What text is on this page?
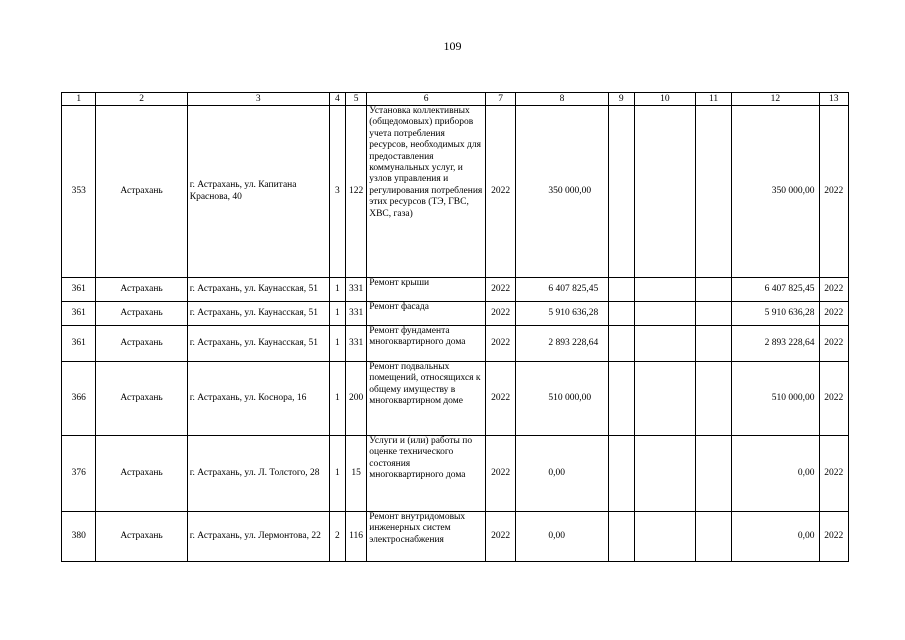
109
1	2	3	4	5	6	7	8	9	10	11	12	13
353	Астрахань	г. Астрахань, ул. Капитана Краснова, 40	3	122	Установка коллективных (общедомовых) приборов учета потребления ресурсов, необходимых для предоставления коммунальных услуг, и узлов управления и регулирования потребления этих ресурсов (ТЭ, ГВС, ХВС, газа)	2022	350 000,00				350 000,00	2022
361	Астрахань	г. Астрахань, ул. Каунасская, 51	1	331	Ремонт крыши	2022	6 407 825,45				6 407 825,45	2022
361	Астрахань	г. Астрахань, ул. Каунасская, 51	1	331	Ремонт фасада	2022	5 910 636,28				5 910 636,28	2022
361	Астрахань	г. Астрахань, ул. Каунасская, 51	1	331	Ремонт фундамента многоквартирного дома	2022	2 893 228,64				2 893 228,64	2022
366	Астрахань	г. Астрахань, ул. Коснора, 16	1	200	Ремонт подвальных помещений, относящихся к общему имуществу в многоквартирном доме	2022	510 000,00				510 000,00	2022
376	Астрахань	г. Астрахань, ул. Л. Толстого, 28	1	15	Услуги и (или) работы по оценке технического состояния многоквартирного дома	2022	0,00				0,00	2022
380	Астрахань	г. Астрахань, ул. Лермонтова, 22	2	116	Ремонт внутридомовых инженерных систем электроснабжения	2022	0,00				0,00	2022
